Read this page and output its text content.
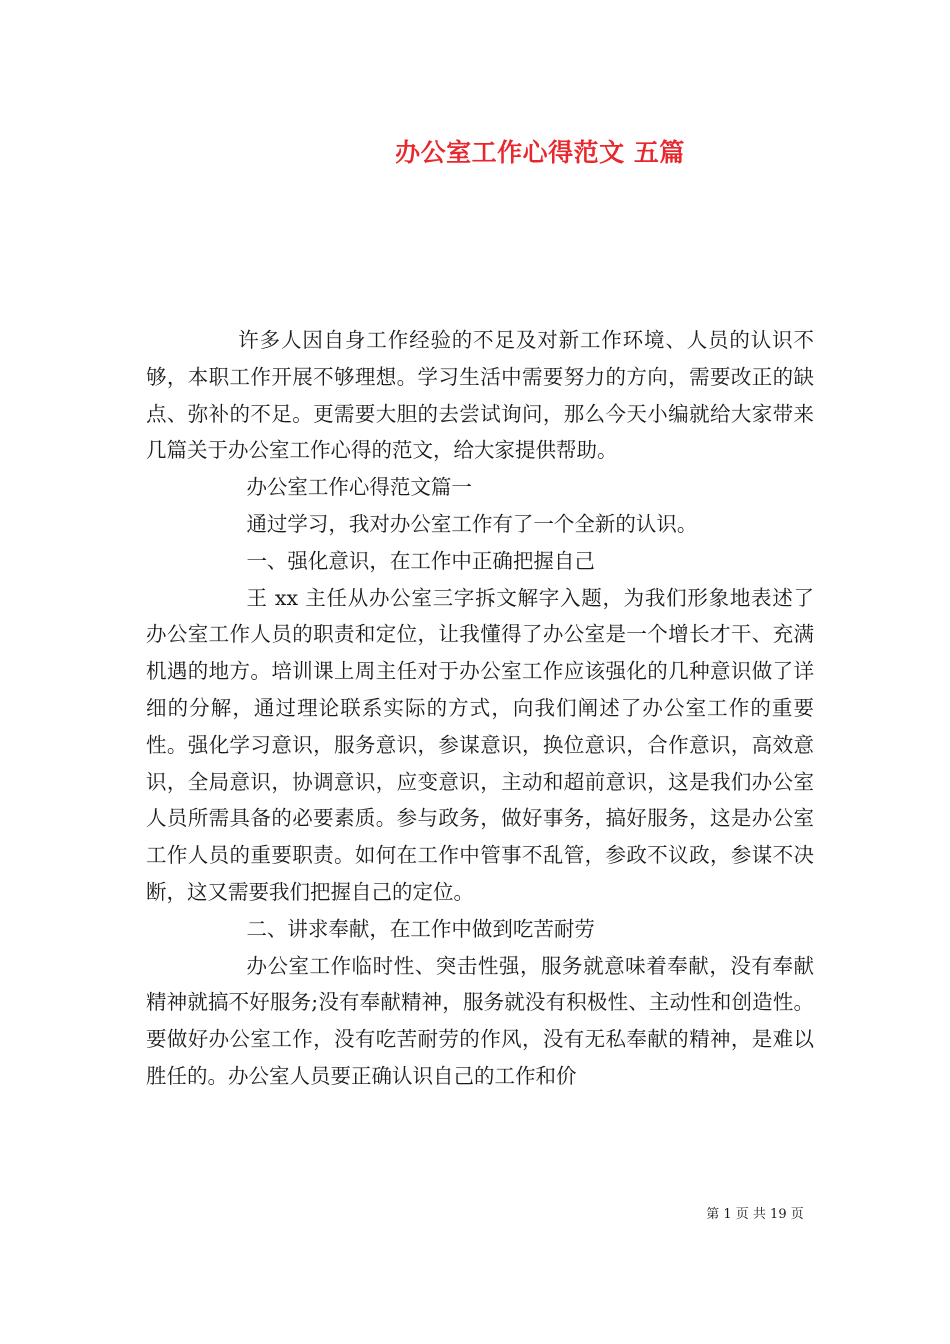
办公室工作心得范文 五篇

许多人因自身工作经验的不足及对新工作环境、人员的认识不够，本职工作开展不够理想。学习生活中需要努力的方向，需要改正的缺点、弥补的不足。更需要大胆的去尝试询问，那么今天小编就给大家带来几篇关于办公室工作心得的范文，给大家提供帮助。

办公室工作心得范文篇一

通过学习，我对办公室工作有了一个全新的认识。

一、强化意识，在工作中正确把握自己

王 xx 主任从办公室三字拆文解字入题，为我们形象地表述了办公室工作人员的职责和定位，让我懂得了办公室是一个增长才干、充满机遇的地方。培训课上周主任对于办公室工作应该强化的几种意识做了详细的分解，通过理论联系实际的方式，向我们阐述了办公室工作的重要性。强化学习意识，服务意识，参谋意识，换位意识，合作意识，高效意识，全局意识，协调意识，应变意识，主动和超前意识，这是我们办公室人员所需具备的必要素质。参与政务，做好事务，搞好服务，这是办公室工作人员的重要职责。如何在工作中管事不乱管，参政不议政，参谋不决断，这又需要我们把握自己的定位。

二、讲求奉献，在工作中做到吃苦耐劳

办公室工作临时性、突击性强，服务就意味着奉献，没有奉献精神就搞不好服务;没有奉献精神，服务就没有积极性、主动性和创造性。要做好办公室工作，没有吃苦耐劳的作风，没有无私奉献的精神，是难以胜任的。办公室人员要正确认识自己的工作和价

第 1 页 共 19 页
